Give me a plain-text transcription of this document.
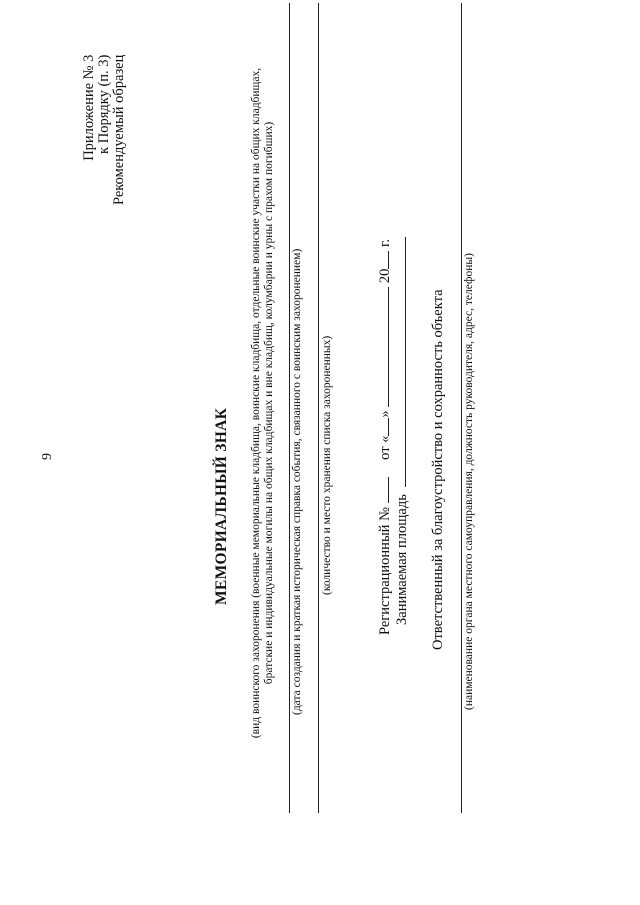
9
Приложение № 3 к Порядку (п. 3) Рекомендуемый образец
МЕМОРИАЛЬНЫЙ ЗНАК (вид воинского захоронения (военные мемориальные кладбища, воинские кладбища, отдельные воинские участки на общих кладбищах, братские и индивидуальные могилы на общих кладбищах и вне кладбищ, колумбарии и урны с прахом погибших) (дата создания и краткая историческая справка события, связанного с воинским захоронением) (количество и место хранения списка захороненных)	Регистрационный №  от «»  20 г.
Занимаемая площадь Ответственный за благоустройство и сохранность объекта (наименование органа местного самоуправления, должность руководителя, адрес, телефоны)
